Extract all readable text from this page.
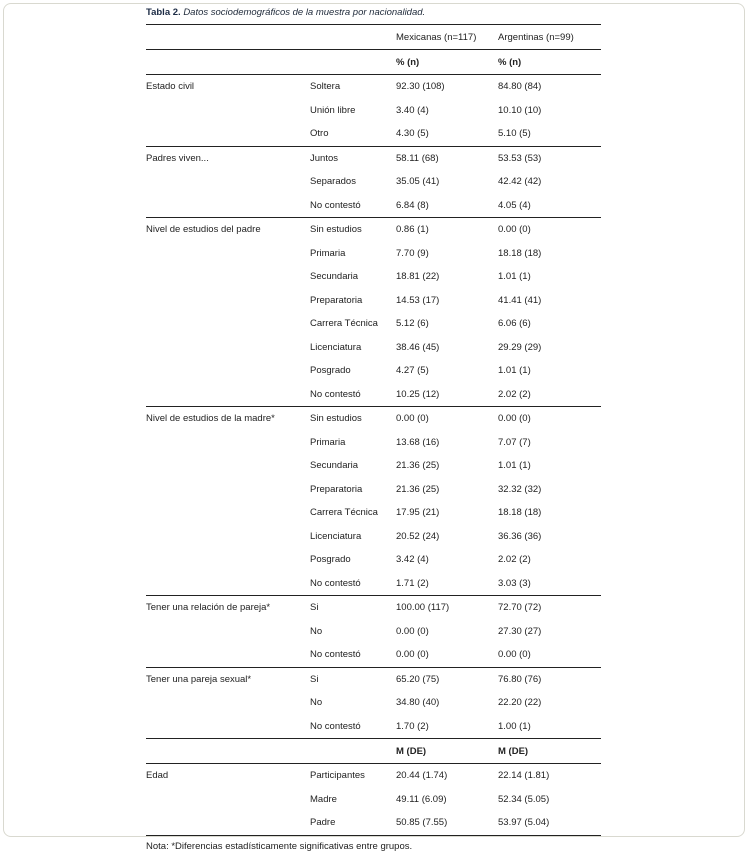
Tabla 2. Datos sociodemográficos de la muestra por nacionalidad.
		Mexicanas (n=117)	Argentinas (n=99)
		% (n)	% (n)
Estado civil	Soltera	92.30 (108)	84.80 (84)
	Unión libre	3.40 (4)	10.10 (10)
	Otro	4.30 (5)	5.10 (5)
Padres viven...	Juntos	58.11 (68)	53.53 (53)
	Separados	35.05 (41)	42.42 (42)
	No contestó	6.84 (8)	4.05 (4)
Nivel de estudios del padre	Sin estudios	0.86 (1)	0.00 (0)
	Primaria	7.70 (9)	18.18 (18)
	Secundaria	18.81 (22)	1.01 (1)
	Preparatoria	14.53 (17)	41.41 (41)
	Carrera Técnica	5.12 (6)	6.06 (6)
	Licenciatura	38.46 (45)	29.29 (29)
	Posgrado	4.27 (5)	1.01 (1)
	No contestó	10.25 (12)	2.02 (2)
Nivel de estudios de la madre*	Sin estudios	0.00 (0)	0.00 (0)
	Primaria	13.68 (16)	7.07 (7)
	Secundaria	21.36 (25)	1.01 (1)
	Preparatoria	21.36 (25)	32.32 (32)
	Carrera Técnica	17.95 (21)	18.18 (18)
	Licenciatura	20.52 (24)	36.36 (36)
	Posgrado	3.42 (4)	2.02 (2)
	No contestó	1.71 (2)	3.03 (3)
Tener una relación de pareja*	Si	100.00 (117)	72.70 (72)
	No	0.00 (0)	27.30 (27)
	No contestó	0.00 (0)	0.00 (0)
Tener una pareja sexual*	Si	65.20 (75)	76.80 (76)
	No	34.80 (40)	22.20 (22)
	No contestó	1.70 (2)	1.00 (1)
		M (DE)	M (DE)
Edad	Participantes	20.44 (1.74)	22.14 (1.81)
	Madre	49.11 (6.09)	52.34 (5.05)
	Padre	50.85 (7.55)	53.97 (5.04)
Nota: *Diferencias estadísticamente significativas entre grupos.
